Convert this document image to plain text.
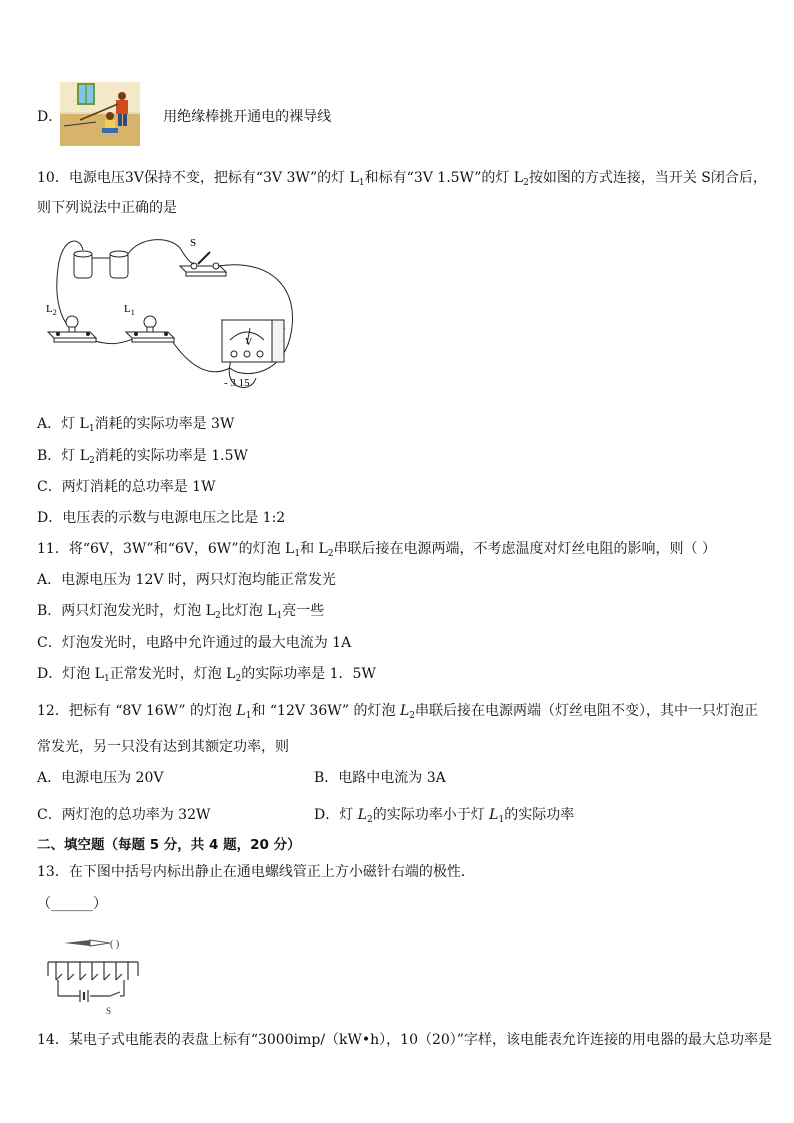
D．	用绝缘棒挑开通电的裸导线
10．电源电压3V保持不变，把标有“3V 3W”的灯 $L_1$和标有“3V 1.5W”的灯 $L_2$按如图的方式连接，当开关 S闭合后，
则下列说法中正确的是
S
$L_2$	$L_1$
V
- 3 15
A．灯 $L_1$消耗的实际功率是 3W
B．灯 $L_2$消耗的实际功率是 1.5W
C．两灯消耗的总功率是 1W
D．电压表的示数与电源电压之比是 1:2
11．将“6V，3W”和“6V，6W”的灯泡 $L_1$和 $L_2$串联后接在电源两端，不考虑温度对灯丝电阻的影响，则（ ）
A．电源电压为 12V 时，两只灯泡均能正常发光
B．两只灯泡发光时，灯泡 $L_2$比灯泡 $L_1$亮一些
C．灯泡发光时，电路中允许通过的最大电流为 1A
D．灯泡 $L_1$正常发光时，灯泡 $L_2$的实际功率是 1．5W
12．把标有 “8V 16W” 的灯泡 $L_1$和 “12V 36W” 的灯泡 $L_2$串联后接在电源两端（灯丝电阻不变），其中一只灯泡正
常发光，另一只没有达到其额定功率，则
A．电源电压为 20V	B．电路中电流为 3A
C．两灯泡的总功率为 32W	D．灯 $L_2$的实际功率小于灯 $L_1$的实际功率
二、填空题（每题 5 分，共 4 题，20 分）
13．在下图中括号内标出静止在通电螺线管正上方小磁针右端的极性．
（______）
( )
S
14．某电子式电能表的表盘上标有“3000imp/（kW•h），10（20）”字样，该电能表允许连接的用电器的最大总功率是
